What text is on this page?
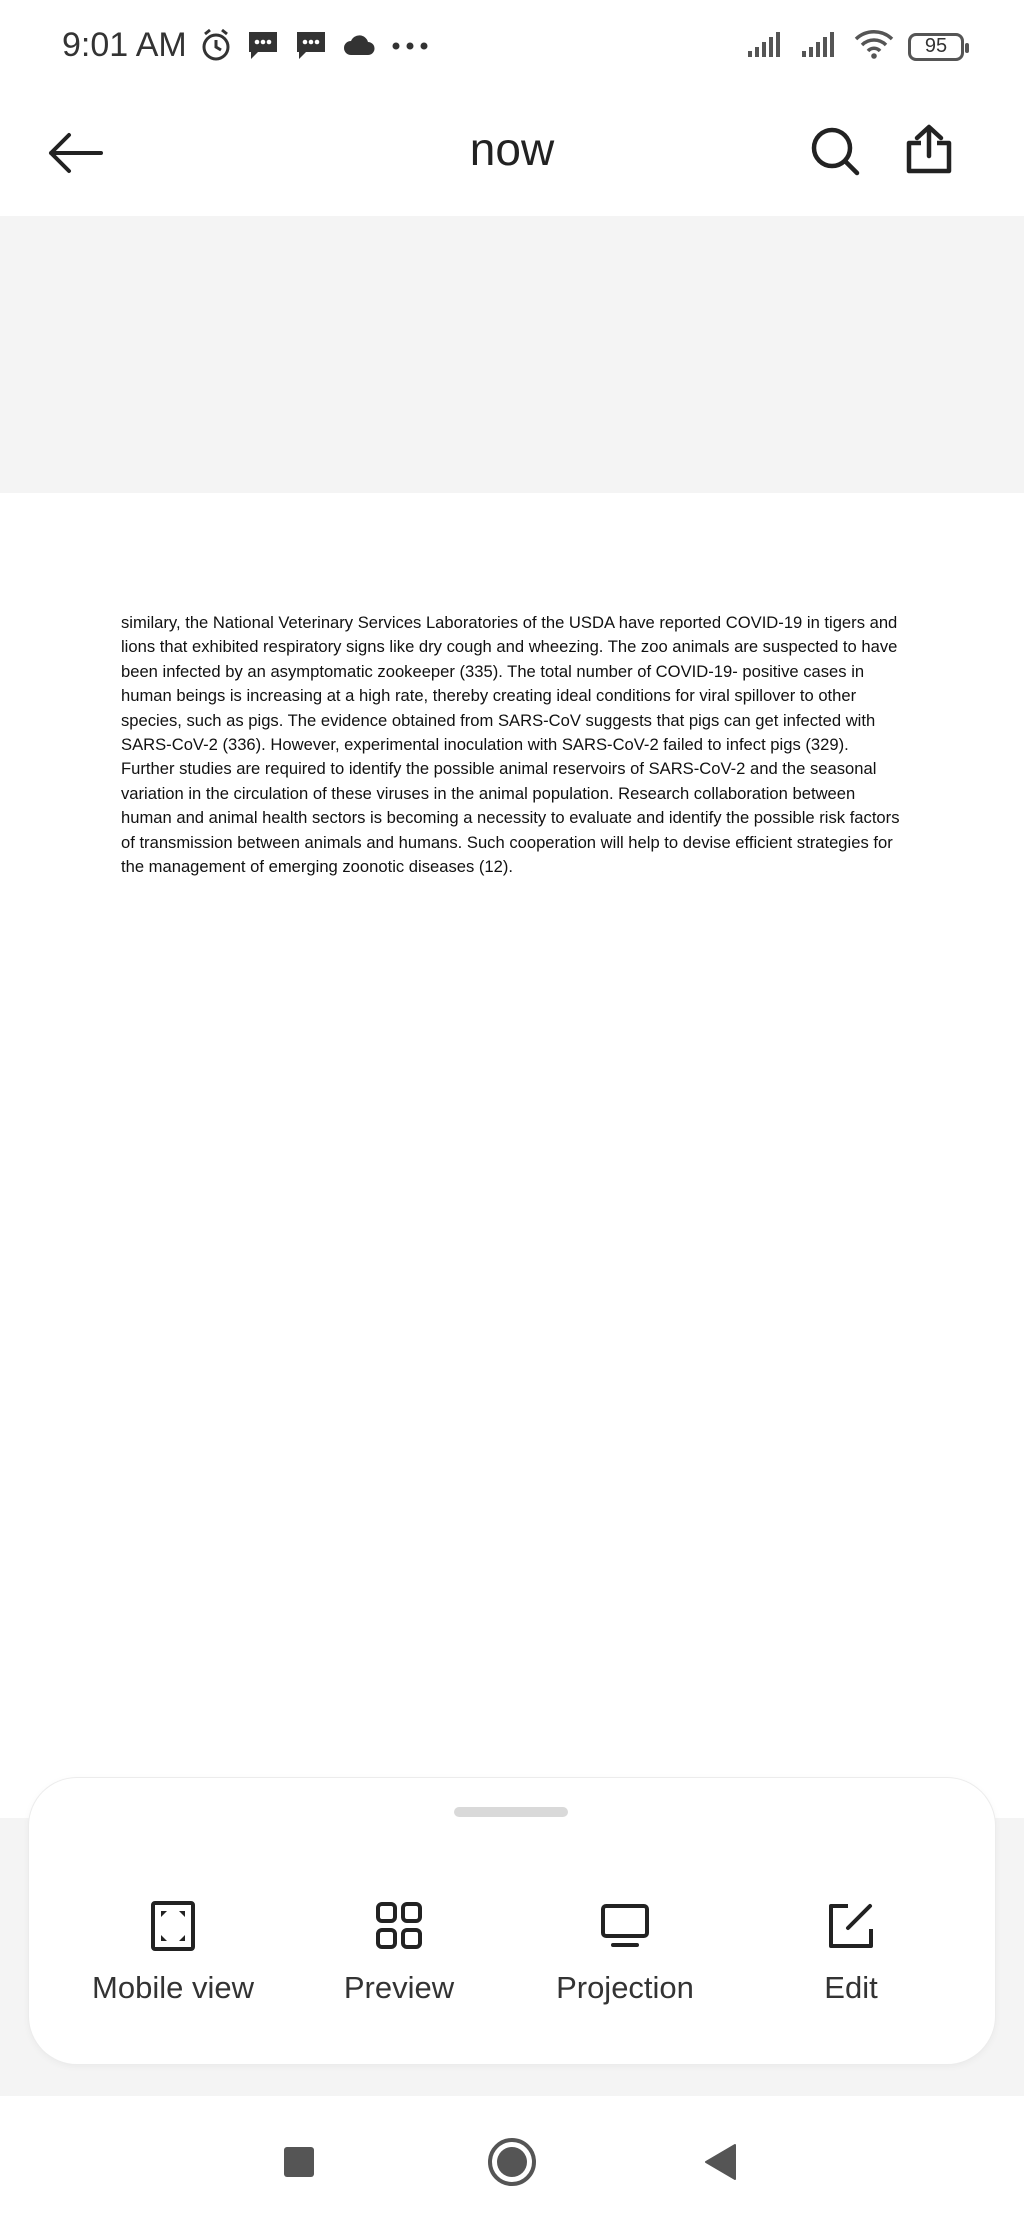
9:01 AM	95
now
similary, the National Veterinary Services Laboratories of the USDA have reported COVID-19 in tigers and lions that exhibited respiratory signs like dry cough and wheezing. The zoo animals are suspected to have been infected by an asymptomatic zookeeper (335). The total number of COVID-19- positive cases in human beings is increasing at a high rate, thereby creating ideal conditions for viral spillover to other species, such as pigs. The evidence obtained from SARS-CoV suggests that pigs can get infected with SARS-CoV-2 (336). However, experimental inoculation with SARS-CoV-2 failed to infect pigs (329). Further studies are required to identify the possible animal reservoirs of SARS-CoV-2 and the seasonal variation in the circulation of these viruses in the animal population. Research collaboration between human and animal health sectors is becoming a necessity to evaluate and identify the possible risk factors of transmission between animals and humans. Such cooperation will help to devise efficient strategies for the management of emerging zoonotic diseases (12).
Mobile view	Preview	Projection	Edit
